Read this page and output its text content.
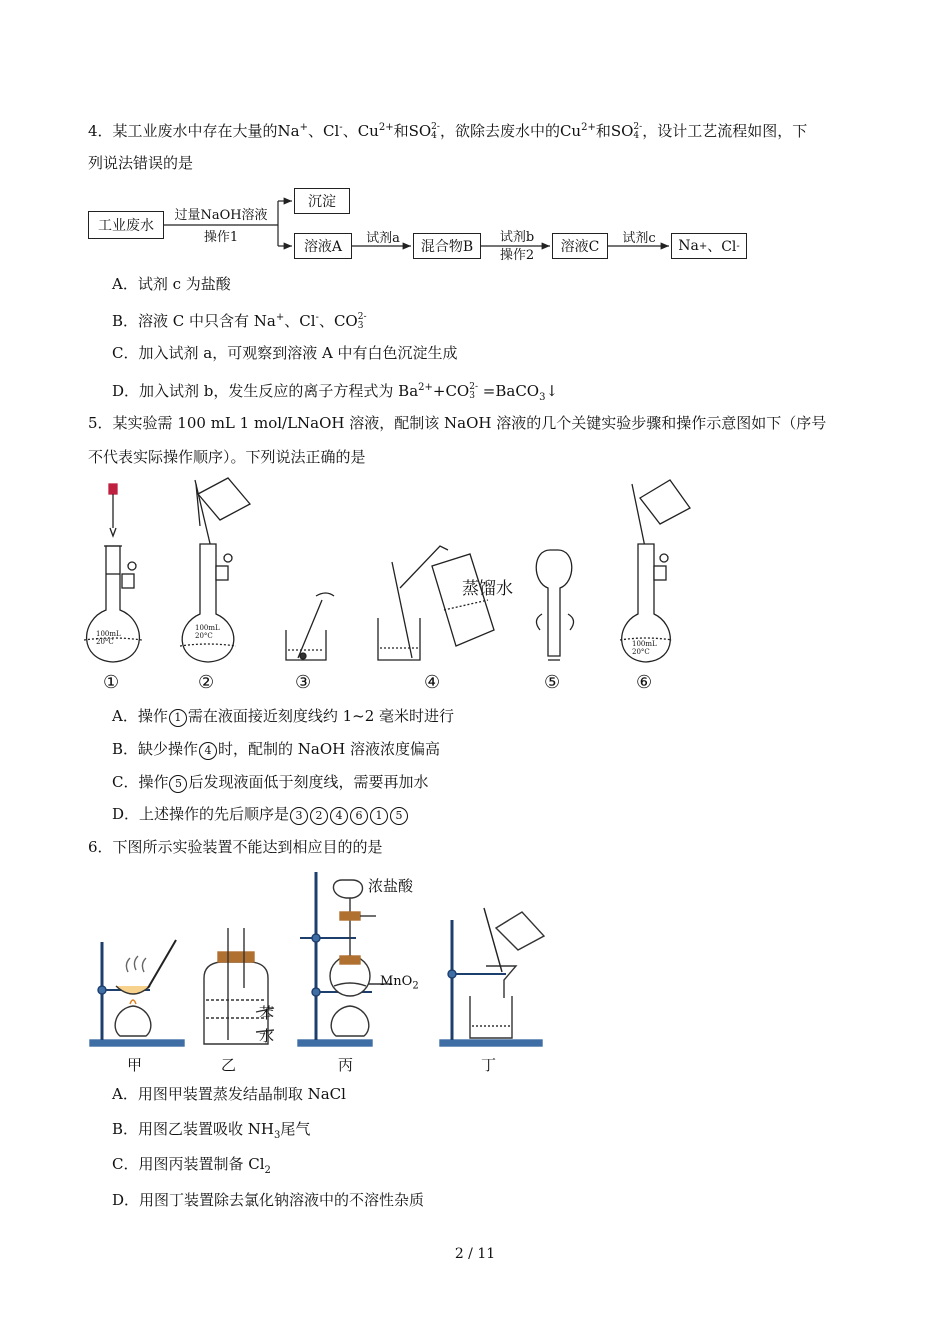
4．某工业废水中存在大量的Na+、Cl-、$Cu^{2+}$和SO 2-
4 ，欲除去废水中的$Cu^{2+}$和SO 2-
4 ，设计工艺流程如图，下
列说法错误的是
工业废水
过量NaOH溶液
操作1
沉淀
溶液A
试剂a
混合物B
试剂b
操作2
溶液C
试剂c	Na + 、Cl -
A．试剂 c 为盐酸
B．溶液 C 中只含有 Na+、Cl-、CO 2-
3
C．加入试剂 a，可观察到溶液 A 中有白色沉淀生成
D．加入试剂 b，发生反应的离子方程式为 $Ba^{2+}+CO$ 2-
3 =BaCO$_3$↓
5．某实验需 100 mL 1 mol/LNaOH 溶液，配制该 NaOH 溶液的几个关键实验步骤和操作示意图如下（序号
不代表实际操作顺序）。下列说法正确的是
100mL
20°C
100mL
20°C
100mL
20°C
蒸馏水
①	②	③	④	⑤	⑥
A．操作 1 需在液面接近刻度线约 1~2 毫米时进行
B．缺少操作 4 时，配制的 NaOH 溶液浓度偏高
C．操作 5 后发现液面低于刻度线，需要再加水
D．上述操作的先后顺序是 3 2 4 6 1 5
6．下图所示实验装置不能达到相应目的的是
浓盐酸
MnO$_2$
苯
水
甲	乙	丙	丁
A．用图甲装置蒸发结晶制取 NaCl
B．用图乙装置吸收 $NH_3$尾气
C．用图丙装置制备 $Cl_2$
D．用图丁装置除去氯化钠溶液中的不溶性杂质
2 / 11
